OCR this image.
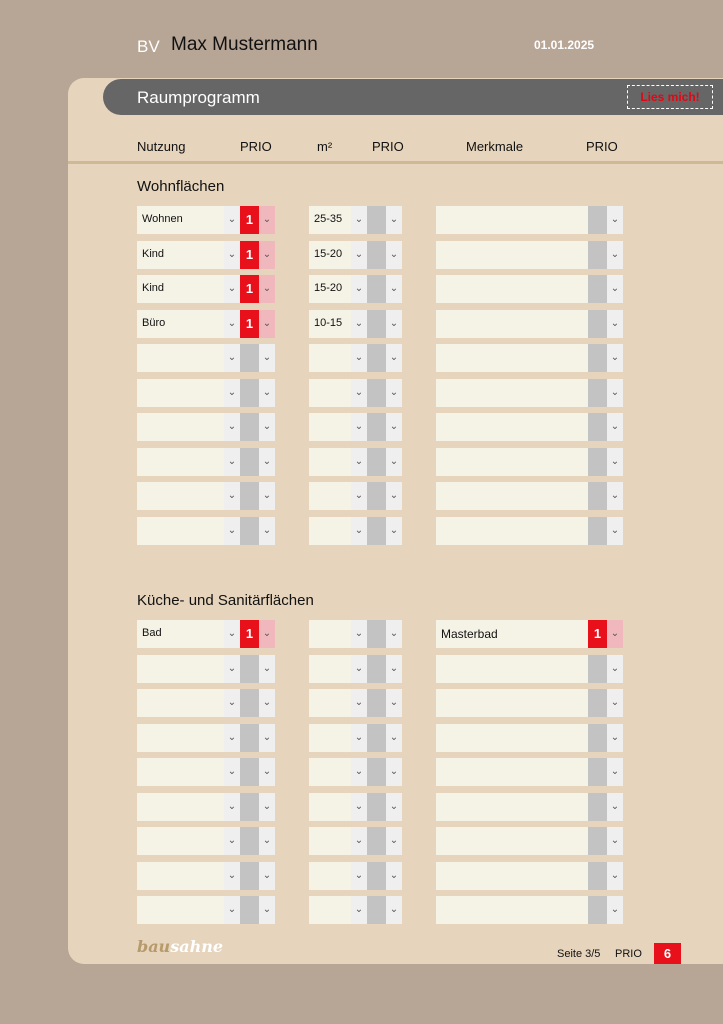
BV Max Mustermann	01.01.2025
Raumprogramm	Lies mich!
Nutzung	PRIO	m²	PRIO	Merkmale	PRIO
Wohnflächen
Wohnen	⌄ 1 ⌄	25-35	⌄	⌄	⌄
Kind	⌄ 1 ⌄	15-20	⌄	⌄	⌄
Kind	⌄ 1 ⌄	15-20	⌄	⌄	⌄
Büro	⌄ 1 ⌄	10-15	⌄	⌄	⌄
⌄	⌄	⌄	⌄	⌄
⌄	⌄	⌄	⌄	⌄
⌄	⌄	⌄	⌄	⌄
⌄	⌄	⌄	⌄	⌄
⌄	⌄	⌄	⌄	⌄
⌄	⌄	⌄	⌄	⌄
Küche- und Sanitärflächen
Bad	⌄ 1 ⌄	⌄	⌄	Masterbad	1 ⌄
⌄	⌄	⌄	⌄	⌄
⌄	⌄	⌄	⌄	⌄
⌄	⌄	⌄	⌄	⌄
⌄	⌄	⌄	⌄	⌄
⌄	⌄	⌄	⌄	⌄
⌄	⌄	⌄	⌄	⌄
⌄	⌄	⌄	⌄	⌄
⌄	⌄	⌄	⌄	⌄
bausahne	Seite 3/5 PRIO	6
